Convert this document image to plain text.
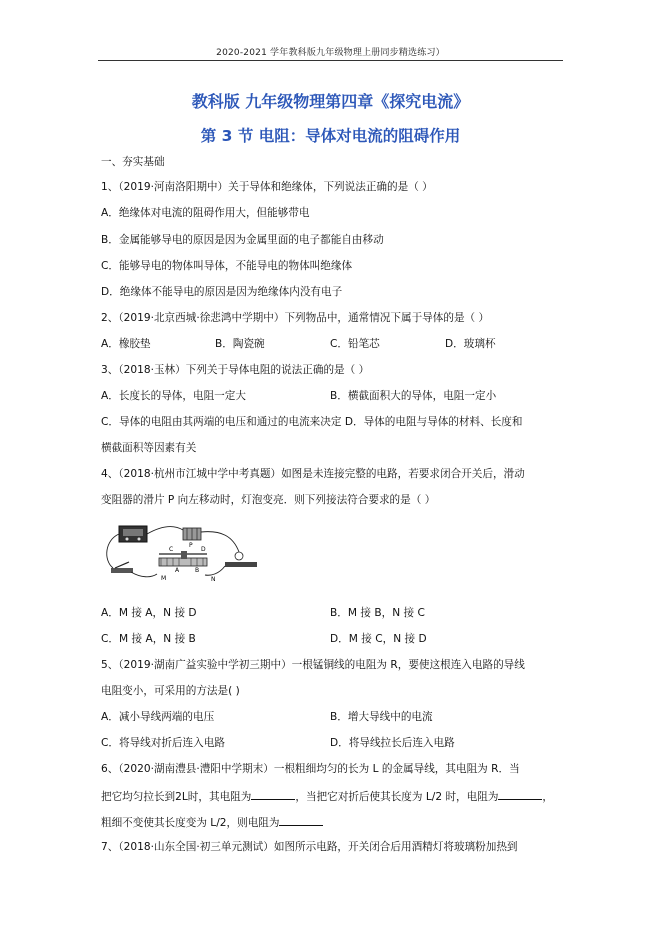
2020-2021 学年教科版九年级物理上册同步精选练习）
教科版 九年级物理第四章《探究电流》
第 3 节 电阻：导体对电流的阻碍作用
一、夯实基础
1、（2019·河南洛阳期中）关于导体和绝缘体，下列说法正确的是（ ）
A．绝缘体对电流的阻碍作用大，但能够带电
B．金属能够导电的原因是因为金属里面的电子都能自由移动
C．能够导电的物体叫导体，不能导电的物体叫绝缘体
D．绝缘体不能导电的原因是因为绝缘体内没有电子
2、（2019·北京西城·徐悲鸿中学期中）下列物品中，通常情况下属于导体的是（ ）
A．橡胶垫	B．陶瓷碗	C．铅笔芯	D．玻璃杯
3、（2018·玉林）下列关于导体电阻的说法正确的是（ ）
A．长度长的导体，电阻一定大	B．横截面积大的导体，电阻一定小
C．导体的电阻由其两端的电压和通过的电流来决定 D．导体的电阻与导体的材料、长度和
横截面积等因素有关
4、（2018·杭州市江城中学中考真题）如图是未连接完整的电路，若要求闭合开关后，滑动
变阻器的滑片 P 向左移动时，灯泡变亮．则下列接法符合要求的是（ ）
C
P
D
A	B
M	N
A．M 接 A，N 接 D	B．M 接 B，N 接 C
C．M 接 A，N 接 B	D．M 接 C，N 接 D
5、（2019·湖南广益实验中学初三期中）一根锰铜线的电阻为 R，要使这根连入电路的导线
电阻变小，可采用的方法是( )
A．减小导线两端的电压	B．增大导线中的电流
C．将导线对折后连入电路	D．将导线拉长后连入电路
6、（2020·湖南澧县·澧阳中学期末）一根粗细均匀的长为 L 的金属导线，其电阻为 R．当
把它均匀拉长到2L时，其电阻为	，当把它对折后使其长度为 L/2 时，电阻为	，
粗细不变使其长度变为 L/2，则电阻为
7、（2018·山东全国·初三单元测试）如图所示电路，开关闭合后用酒精灯将玻璃粉加热到
